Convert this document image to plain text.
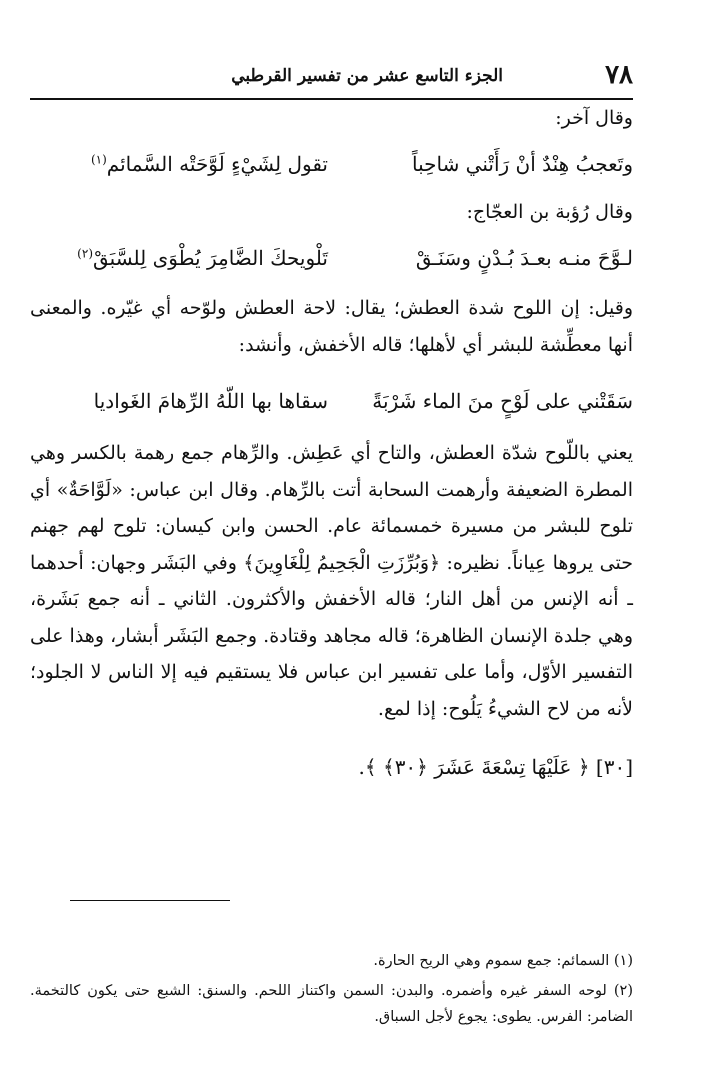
٧٨
الجزء التاسع عشر من تفسير القرطبي
وقال آخر:
وتَعجبُ هِنْدٌ أنْ رَأَتْني شاحِباً
تقول لِشَيْءٍ لَوَّحَتْه السَّمائم$^{(١)}$
وقال رُؤبة بن العجّاج:
لـوَّحَ منـه بعـدَ بُـدْنٍ وسَنَـقْ
تَلْويحكَ الضَّامِرَ يُطْوَى لِلسَّبَقْ$^{(٢)}$

وقيل: إن اللوح شدة العطش؛ يقال: لاحة العطش ولوّحه أي غيّره. والمعنى أنها معطِّشة للبشر أي لأهلها؛ قاله الأخفش، وأنشد:

سَقَتْني على لَوْحٍ منَ الماء شَرْبَةً
سقاها بها اللّهُ الرِّهامَ الغَواديا

يعني باللّوح شدّة العطش، والتاح أي عَطِش. والرِّهام جمع رهمة بالكسر وهي المطرة الضعيفة وأرهمت السحابة أتت بالرِّهام. وقال ابن عباس: «لَوَّاحَةٌ» أي تلوح للبشر من مسيرة خمسمائة عام. الحسن وابن كيسان: تلوح لهم جهنم حتى يروها عِياناً. نظيره: ﴿وَبُرِّزَتِ الْجَحِيمُ لِلْغَاوِينَ﴾ وفي البَشَر وجهان: أحدهما ـ أنه الإنس من أهل النار؛ قاله الأخفش والأكثرون. الثاني ـ أنه جمع بَشَرة، وهي جلدة الإنسان الظاهرة؛ قاله مجاهد وقتادة. وجمع البَشَر أبشار، وهذا على التفسير الأوّل، وأما على تفسير ابن عباس فلا يستقيم فيه إلا الناس لا الجلود؛ لأنه من لاح الشيءُ يَلُوح: إذا لمع.

[٣٠] ﴿ عَلَيْهَا تِسْعَةَ عَشَرَ ﴿٣٠﴾ ﴾.

(١) السمائم: جمع سموم وهي الريح الحارة.

(٢) لوحه السفر غيره وأضمره. والبدن: السمن واكتناز اللحم. والسنق: الشبع حتى يكون كالتخمة. الضامر: الفرس. يطوى: يجوع لأجل السباق.
